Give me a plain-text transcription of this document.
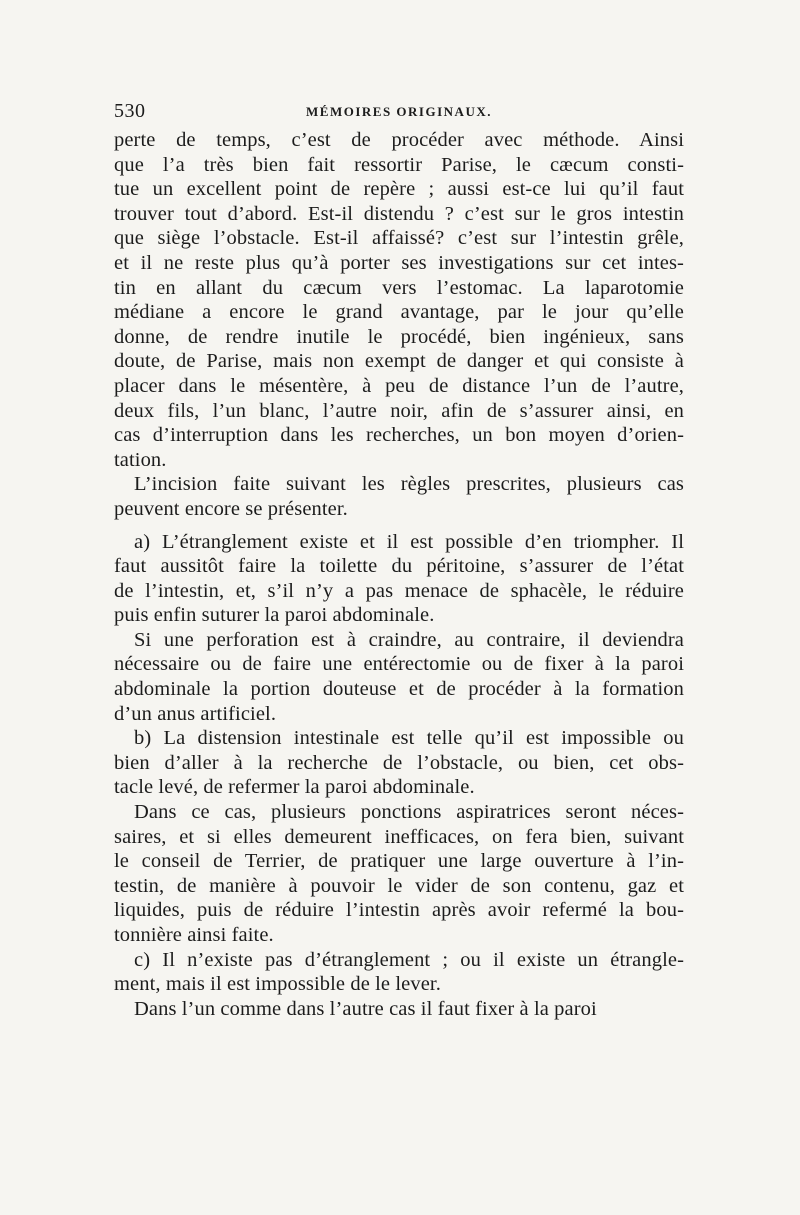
530	MÉMOIRES ORIGINAUX.
perte de temps, c’est de procéder avec méthode. Ainsi
que l’a très bien fait ressortir Parise, le cæcum consti-
tue un excellent point de repère ; aussi est-ce lui qu’il faut
trouver tout d’abord. Est-il distendu ? c’est sur le gros intestin
que siège l’obstacle. Est-il affaissé? c’est sur l’intestin grêle,
et il ne reste plus qu’à porter ses investigations sur cet intes-
tin en allant du cæcum vers l’estomac. La laparotomie
médiane a encore le grand avantage, par le jour qu’elle
donne, de rendre inutile le procédé, bien ingénieux, sans
doute, de Parise, mais non exempt de danger et qui consiste à
placer dans le mésentère, à peu de distance l’un de l’autre,
deux fils, l’un blanc, l’autre noir, afin de s’assurer ainsi, en
cas d’interruption dans les recherches, un bon moyen d’orien-
tation.
L’incision faite suivant les règles prescrites, plusieurs cas
peuvent encore se présenter.
a) L’étranglement existe et il est possible d’en triompher. Il
faut aussitôt faire la toilette du péritoine, s’assurer de l’état
de l’intestin, et, s’il n’y a pas menace de sphacèle, le réduire
puis enfin suturer la paroi abdominale.
Si une perforation est à craindre, au contraire, il deviendra
nécessaire ou de faire une entérectomie ou de fixer à la paroi
abdominale la portion douteuse et de procéder à la formation
d’un anus artificiel.
b) La distension intestinale est telle qu’il est impossible ou
bien d’aller à la recherche de l’obstacle, ou bien, cet obs-
tacle levé, de refermer la paroi abdominale.
Dans ce cas, plusieurs ponctions aspiratrices seront néces-
saires, et si elles demeurent inefficaces, on fera bien, suivant
le conseil de Terrier, de pratiquer une large ouverture à l’in-
testin, de manière à pouvoir le vider de son contenu, gaz et
liquides, puis de réduire l’intestin après avoir refermé la bou-
tonnière ainsi faite.
c) Il n’existe pas d’étranglement ; ou il existe un étrangle-
ment, mais il est impossible de le lever.
Dans l’un comme dans l’autre cas il faut fixer à la paroi
